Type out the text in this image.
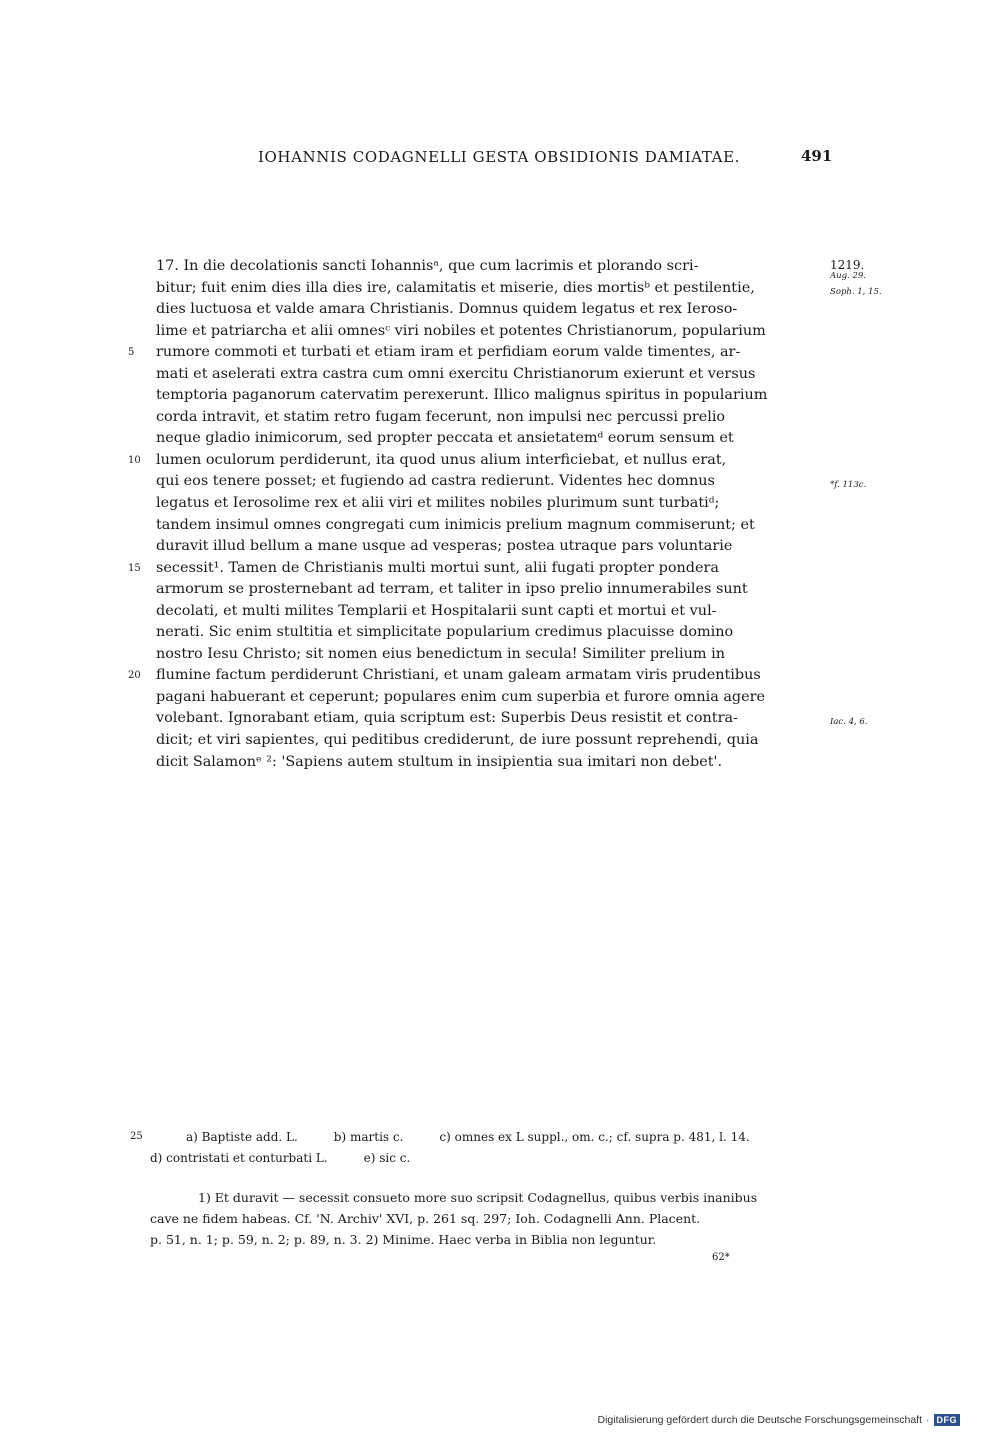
IOHANNIS CODAGNELLI GESTA OBSIDIONIS DAMIATAE.	491
5
10
15
20
17. In die decolationis sancti Iohannisᵃ, que cum lacrimis et plorando scri-
bitur; fuit enim dies illa dies ire, calamitatis et miserie, dies mortisᵇ et pestilentie,
dies luctuosa et valde amara Christianis. Domnus quidem legatus et rex Ieroso-
lime et patriarcha et alii omnesᶜ viri nobiles et potentes Christianorum, popularium
rumore commoti et turbati et etiam iram et perfidiam eorum valde timentes, ar-
mati et aselerati extra castra cum omni exercitu Christianorum exierunt et versus
temptoria paganorum catervatim perexerunt. Illico malignus spiritus in popularium
corda intravit, et statim retro fugam fecerunt, non impulsi nec percussi prelio
neque gladio inimicorum, sed propter peccata et ansietatemᵈ eorum sensum et
lumen oculorum perdiderunt, ita quod unus alium interficiebat, et nullus erat,
qui eos tenere posset; et fugiendo ad castra redierunt. Videntes hec domnus
legatus et Ierosolime rex et alii viri et milites nobiles plurimum sunt turbatiᵈ;
tandem insimul omnes congregati cum inimicis prelium magnum commiserunt; et
duravit illud bellum a mane usque ad vesperas; postea utraque pars voluntarie
secessit¹. Tamen de Christianis multi mortui sunt, alii fugati propter pondera
armorum se prosternebant ad terram, et taliter in ipso prelio innumerabiles sunt
decolati, et multi milites Templarii et Hospitalarii sunt capti et mortui et vul-
nerati. Sic enim stultitia et simplicitate popularium credimus placuisse domino
nostro Iesu Christo; sit nomen eius benedictum in secula! Similiter prelium in
flumine factum perdiderunt Christiani, et unam galeam armatam viris prudentibus
pagani habuerant et ceperunt; populares enim cum superbia et furore omnia agere
volebant. Ignorabant etiam, quia scriptum est: Superbis Deus resistit et contra-
dicit; et viri sapientes, qui peditibus crediderunt, de iure possunt reprehendi, quia
dicit Salamonᵉ ²: 'Sapiens autem stultum in insipientia sua imitari non debet'.
1219.
Aug. 29.
Soph. 1, 15.
*f. 113c.
Iac. 4, 6.
25	a) Baptiste add. L.	b) martis c.	c) omnes ex L suppl., om. c.; cf. supra p. 481, l. 14.
d) contristati et conturbati L.	e) sic c.
1) Et duravit — secessit consueto more suo scripsit Codagnellus, quibus verbis inanibus
cave ne fidem habeas. Cf. 'N. Archiv' XVI, p. 261 sq. 297; Ioh. Codagnelli Ann. Placent.
p. 51, n. 1; p. 59, n. 2; p. 89, n. 3. 2) Minime. Haec verba in Biblia non leguntur.
62*
Digitalisierung gefördert durch die Deutsche Forschungsgemeinschaft · DFG
